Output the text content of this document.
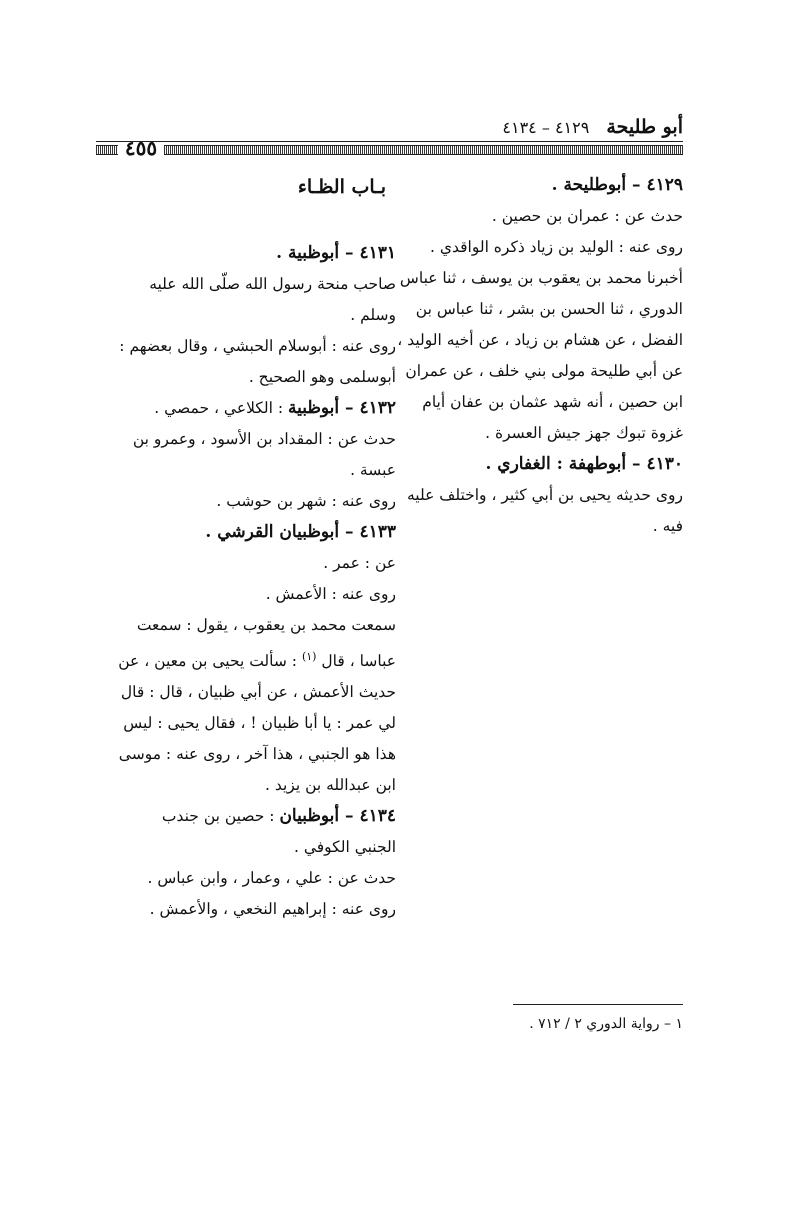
أبو طليحة ٤١٢٩ – ٤١٣٤
٤٥٥
٤١٢٩ – أبوطليحة .
حدث عن : عمران بن حصين .
روى عنه : الوليد بن زياد ذكره الواقدي .
أخبرنا محمد بن يعقوب بن يوسف ، ثنا عباس
الدوري ، ثنا الحسن بن بشر ، ثنا عباس بن
الفضل ، عن هشام بن زياد ، عن أخيه الوليد ،
عن أبي طليحة مولى بني خلف ، عن عمران
ابن حصين ، أنه شهد عثمان بن عفان أيام
غزوة تبوك جهز جيش العسرة .
٤١٣٠ – أبوطهفة : الغفاري .
روى حديثه يحيى بن أبي كثير ، واختلف عليه
فيه .
بـاب الظـاء
٤١٣١ – أبوظبية .
صاحب منحة رسول الله صلّى الله عليه
وسلم .
روى عنه : أبوسلام الحبشي ، وقال بعضهم :
أبوسلمى وهو الصحيح .
٤١٣٢ – أبوظبية : الكلاعي ، حمصي .
حدث عن : المقداد بن الأسود ، وعمرو بن
عبسة .
روى عنه : شهر بن حوشب .
٤١٣٣ – أبوظبيان القرشي .
عن : عمر .
روى عنه : الأعمش .
سمعت محمد بن يعقوب ، يقول : سمعت
عباسا ، قال $^{(١)}$ : سألت يحيى بن معين ، عن
حديث الأعمش ، عن أبي ظبيان ، قال : قال
لي عمر : يا أبا ظبيان ! ، فقال يحيى : ليس
هذا هو الجنبي ، هذا آخر ، روى عنه : موسى
ابن عبدالله بن يزيد .
٤١٣٤ – أبوظبيان : حصين بن جندب
الجنبي الكوفي .
حدث عن : علي ، وعمار ، وابن عباس .
روى عنه : إبراهيم النخعي ، والأعمش .
١ – رواية الدوري ٢ / ٧١٢ .
